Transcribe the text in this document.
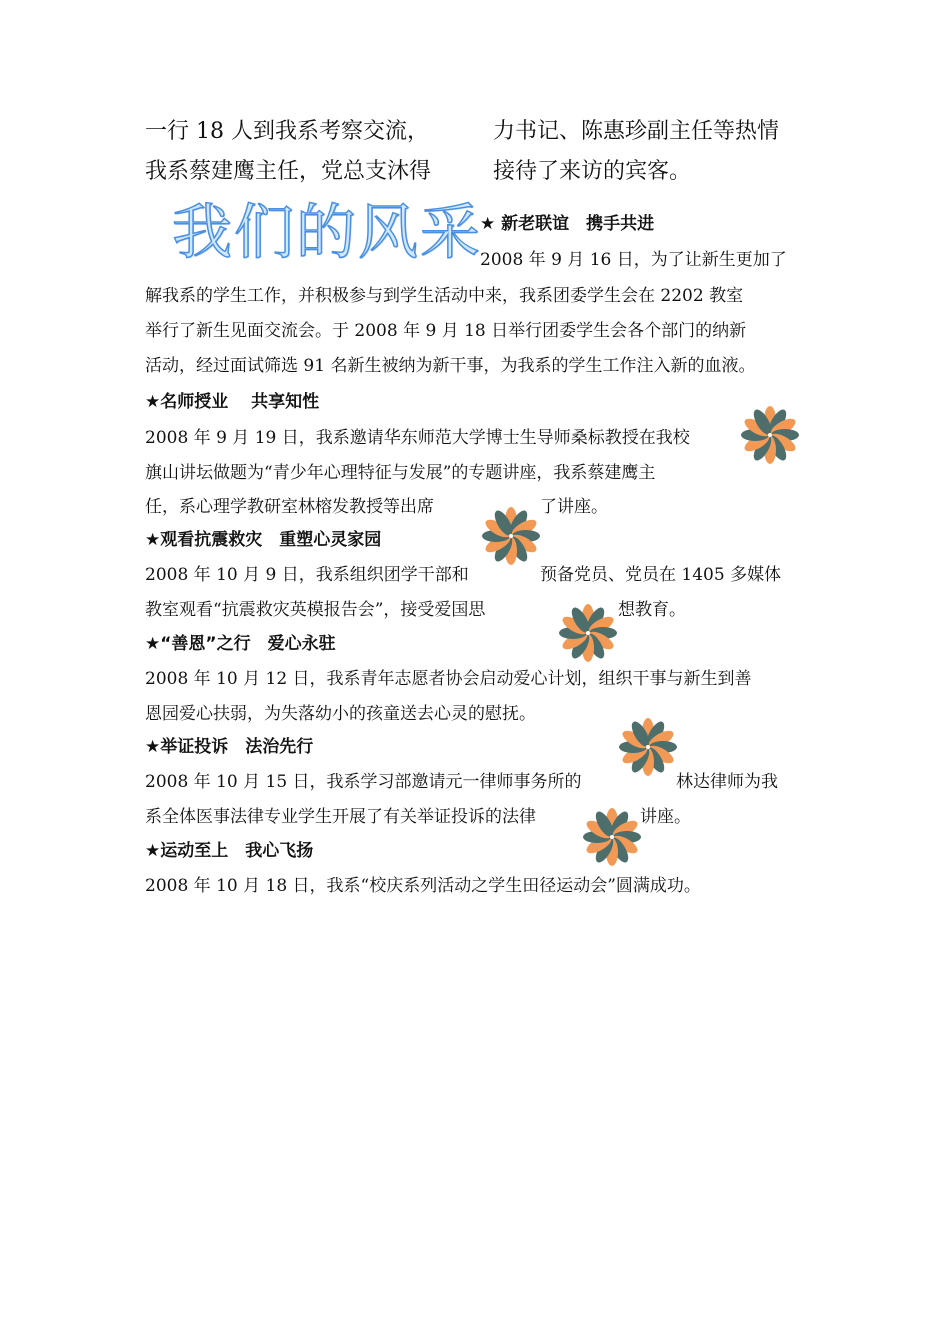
一行 18 人到我系考察交流，
我系蔡建鹰主任，党总支沐得
力书记、陈惠珍副主任等热情
接待了来访的宾客。
我们的风采
★ 新老联谊　携手共进
2008 年 9 月 16 日，为了让新生更加了
解我系的学生工作，并积极参与到学生活动中来，我系团委学生会在 2202 教室
举行了新生见面交流会。于 2008 年 9 月 18 日举行团委学生会各个部门的纳新
活动，经过面试筛选 91 名新生被纳为新干事，为我系的学生工作注入新的血液。
★名师授业　 共享知性
2008 年 9 月 19 日，我系邀请华东师范大学博士生导师桑标教授在我校
旗山讲坛做题为“青少年心理特征与发展”的专题讲座，我系蔡建鹰主
任，系心理学教研室林榕发教授等出席	了讲座。
★观看抗震救灾　重塑心灵家园
2008 年 10 月 9 日，我系组织团学干部和	预备党员、党员在 1405 多媒体
教室观看“抗震救灾英模报告会”，接受爱国思	想教育。
★“善恩”之行　爱心永驻
2008 年 10 月 12 日，我系青年志愿者协会启动爱心计划，组织干事与新生到善
恩园爱心扶弱，为失落幼小的孩童送去心灵的慰抚。
★举证投诉　法治先行
2008 年 10 月 15 日，我系学习部邀请元一律师事务所的	林达律师为我
系全体医事法律专业学生开展了有关举证投诉的法律	讲座。
★运动至上　我心飞扬
2008 年 10 月 18 日，我系“校庆系列活动之学生田径运动会”圆满成功。
